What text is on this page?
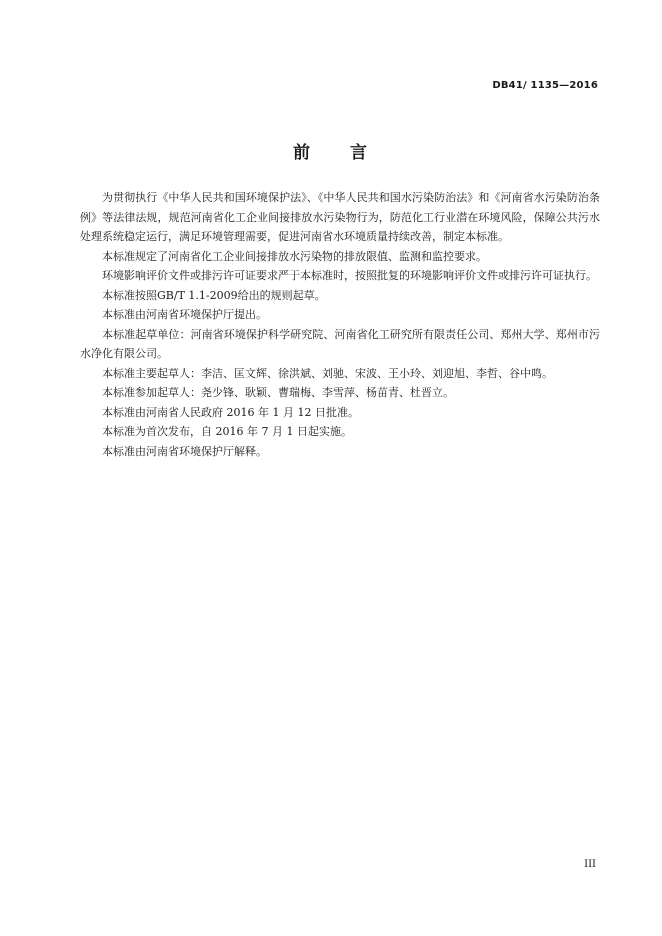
DB41/ 1135—2016
前　　言

为贯彻执行《中华人民共和国环境保护法》、《中华人民共和国水污染防治法》和《河南省水污染防治条例》等法律法规，规范河南省化工企业间接排放水污染物行为，防范化工行业潜在环境风险，保障公共污水处理系统稳定运行，满足环境管理需要，促进河南省水环境质量持续改善，制定本标准。

本标准规定了河南省化工企业间接排放水污染物的排放限值、监测和监控要求。

环境影响评价文件或排污许可证要求严于本标准时，按照批复的环境影响评价文件或排污许可证执行。

本标准按照GB/T 1.1-2009给出的规则起草。

本标准由河南省环境保护厅提出。

本标准起草单位：河南省环境保护科学研究院、河南省化工研究所有限责任公司、郑州大学、郑州市污水净化有限公司。

本标准主要起草人：李洁、匡文辉、徐洪斌、刘驰、宋波、王小玲、刘迎旭、李哲、谷中鸣。

本标准参加起草人：尧少锋、耿颖、曹瑞梅、李雪萍、杨苗青、杜晋立。

本标准由河南省人民政府 2016 年 1 月 12 日批准。

本标准为首次发布，自 2016 年 7 月 1 日起实施。

本标准由河南省环境保护厅解释。

III
